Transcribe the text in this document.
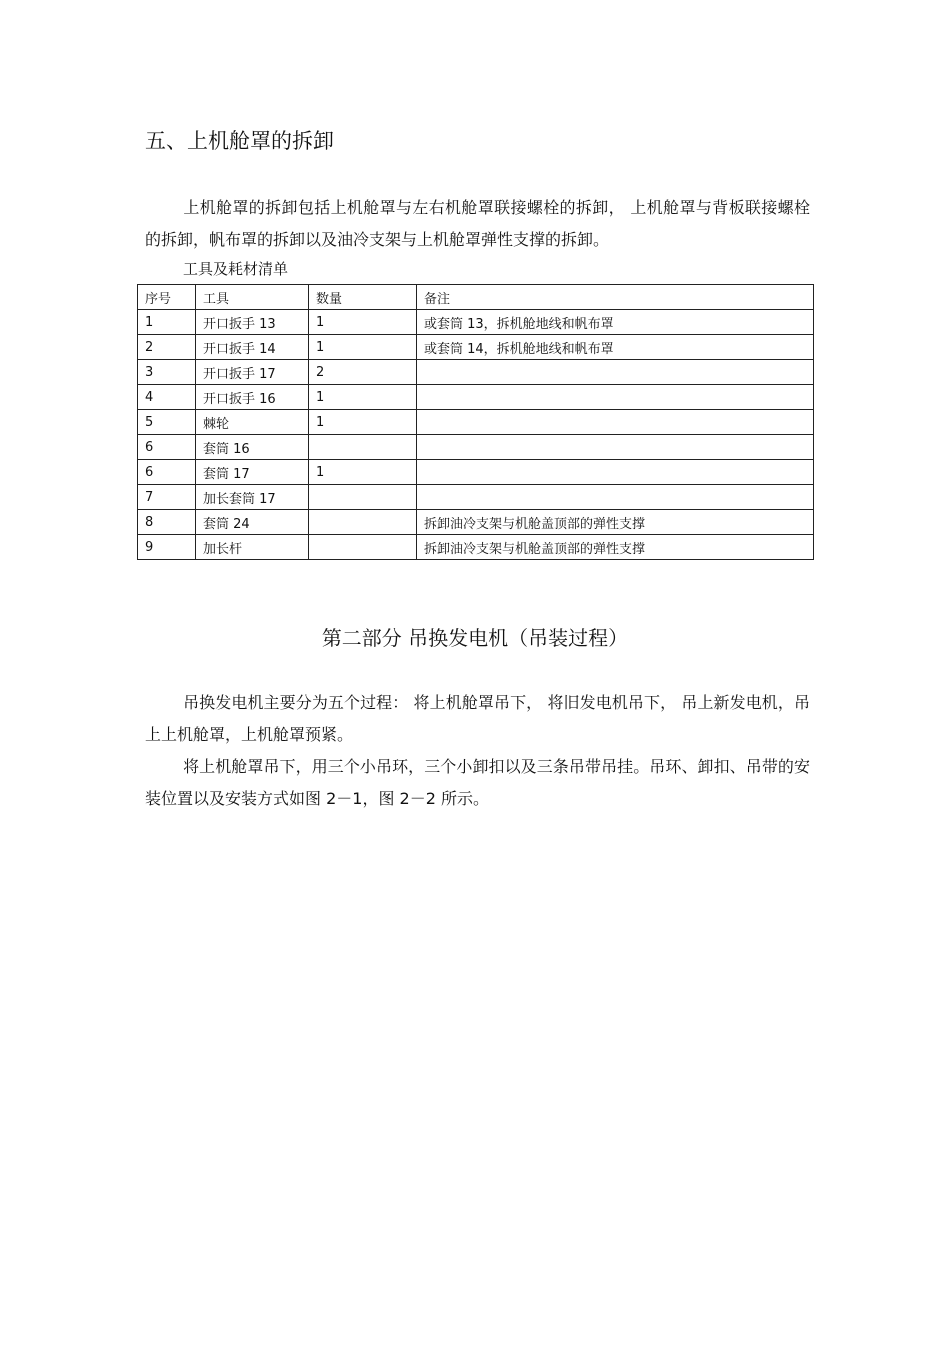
五、上机舱罩的拆卸

上机舱罩的拆卸包括上机舱罩与左右机舱罩联接螺栓的拆卸， 上机舱罩与背板联接螺栓的拆卸，帆布罩的拆卸以及油冷支架与上机舱罩弹性支撑的拆卸。

工具及耗材清单

序号	工具	数量	备注
1	开口扳手 13	1	或套筒 13，拆机舱地线和帆布罩
2	开口扳手 14	1	或套筒 14，拆机舱地线和帆布罩
3	开口扳手 17	2	
4	开口扳手 16	1	
5	棘轮	1	
6	套筒 16		
6	套筒 17	1	
7	加长套筒 17		
8	套筒 24		拆卸油冷支架与机舱盖顶部的弹性支撑
9	加长杆		拆卸油冷支架与机舱盖顶部的弹性支撑
第二部分 吊换发电机（吊装过程）

吊换发电机主要分为五个过程： 将上机舱罩吊下， 将旧发电机吊下， 吊上新发电机，吊上上机舱罩，上机舱罩预紧。

将上机舱罩吊下，用三个小吊环，三个小卸扣以及三条吊带吊挂。吊环、卸扣、吊带的安装位置以及安装方式如图 2－1，图 2－2 所示。
